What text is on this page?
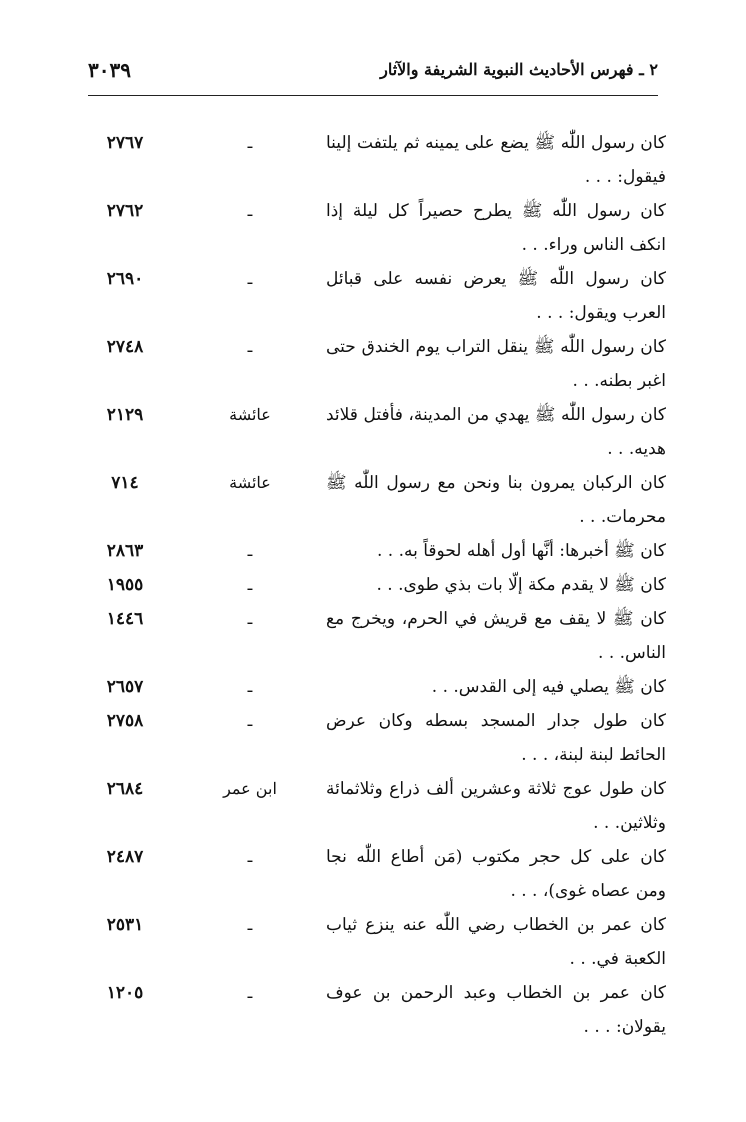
٢ ـ فهرس الأحاديث النبوية الشريفة والآثار
٣٠٣٩
كان رسول اللّٰه ﷺ يضع على يمينه ثم يلتفت إلينا فيقول: . . .
ـ
٢٧٦٧
كان رسول اللّٰه ﷺ يطرح حصيراً كل ليلة إذا انكف الناس وراء. . .
ـ
٢٧٦٢
كان رسول اللّٰه ﷺ يعرض نفسه على قبائل العرب ويقول: . . .
ـ
٢٦٩٠
كان رسول اللّٰه ﷺ ينقل التراب يوم الخندق حتى اغبر بطنه. . .
ـ
٢٧٤٨
كان رسول اللّٰه ﷺ يهدي من المدينة، فأفتل قلائد هديه. . .
عائشة
٢١٢٩
كان الركبان يمرون بنا ونحن مع رسول اللّٰه ﷺ محرمات. . .
عائشة
٧١٤
كان ﷺ أخبرها: أنَّها أول أهله لحوقاً به. . .
ـ
٢٨٦٣
كان ﷺ لا يقدم مكة إلّا بات بذي طوى. . .
ـ
١٩٥٥
كان ﷺ لا يقف مع قريش في الحرم، ويخرج مع الناس. . .
ـ
١٤٤٦
كان ﷺ يصلي فيه إلى القدس. . .
ـ
٢٦٥٧
كان طول جدار المسجد بسطه وكان عرض الحائط لبنة لبنة، . . .
ـ
٢٧٥٨
كان طول عوج ثلاثة وعشرين ألف ذراع وثلاثمائة وثلاثين. . .
ابن عمر
٢٦٨٤
كان على كل حجر مكتوب (مَن أطاع اللّٰه نجا ومن عصاه غوى)، . . .
ـ
٢٤٨٧
كان عمر بن الخطاب رضي اللّٰه عنه ينزع ثياب الكعبة في. . .
ـ
٢٥٣١
كان عمر بن الخطاب وعبد الرحمن بن عوف يقولان: . . .
ـ
١٢٠٥
